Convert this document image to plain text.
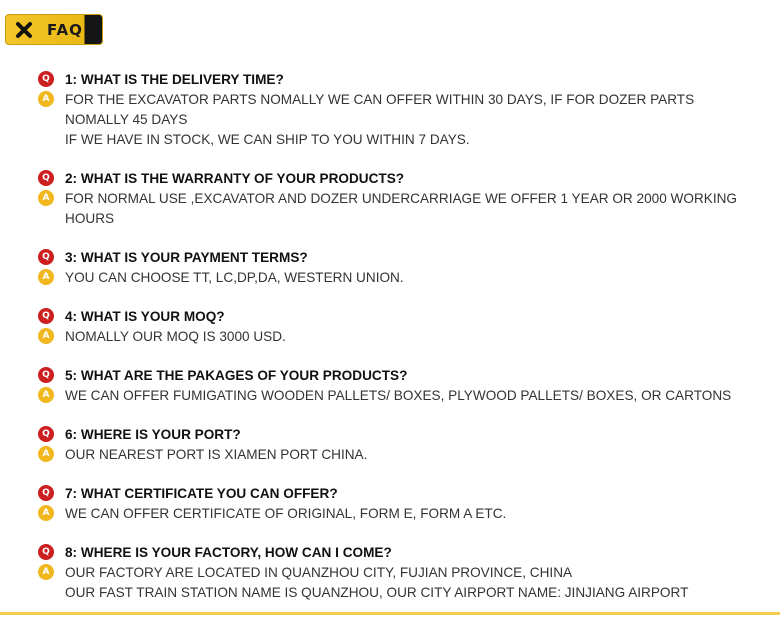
FAQ
Q	1: WHAT IS THE DELIVERY TIME?
A	FOR THE EXCAVATOR PARTS NOMALLY WE CAN OFFER WITHIN 30 DAYS, IF FOR DOZER PARTS NOMALLY 45 DAYS
IF WE HAVE IN STOCK, WE CAN SHIP TO YOU WITHIN 7 DAYS.
Q	2: WHAT IS THE WARRANTY OF YOUR PRODUCTS?
A	FOR NORMAL USE ,EXCAVATOR AND DOZER UNDERCARRIAGE WE OFFER 1 YEAR OR 2000 WORKING HOURS
Q	3: WHAT IS YOUR PAYMENT TERMS?
A	YOU CAN CHOOSE TT, LC,DP,DA, WESTERN UNION.
Q	4: WHAT IS YOUR MOQ?
A	NOMALLY OUR MOQ IS 3000 USD.
Q	5: WHAT ARE THE PAKAGES OF YOUR PRODUCTS?
A	WE CAN OFFER FUMIGATING WOODEN PALLETS/ BOXES, PLYWOOD PALLETS/ BOXES, OR CARTONS
Q	6: WHERE IS YOUR PORT?
A	OUR NEAREST PORT IS XIAMEN PORT CHINA.
Q	7: WHAT CERTIFICATE YOU CAN OFFER?
A	WE CAN OFFER CERTIFICATE OF ORIGINAL, FORM E, FORM A ETC.
Q	8: WHERE IS YOUR FACTORY, HOW CAN I COME?
A	OUR FACTORY ARE LOCATED IN QUANZHOU CITY, FUJIAN PROVINCE, CHINA
OUR FAST TRAIN STATION NAME IS QUANZHOU, OUR CITY AIRPORT NAME: JINJIANG AIRPORT
